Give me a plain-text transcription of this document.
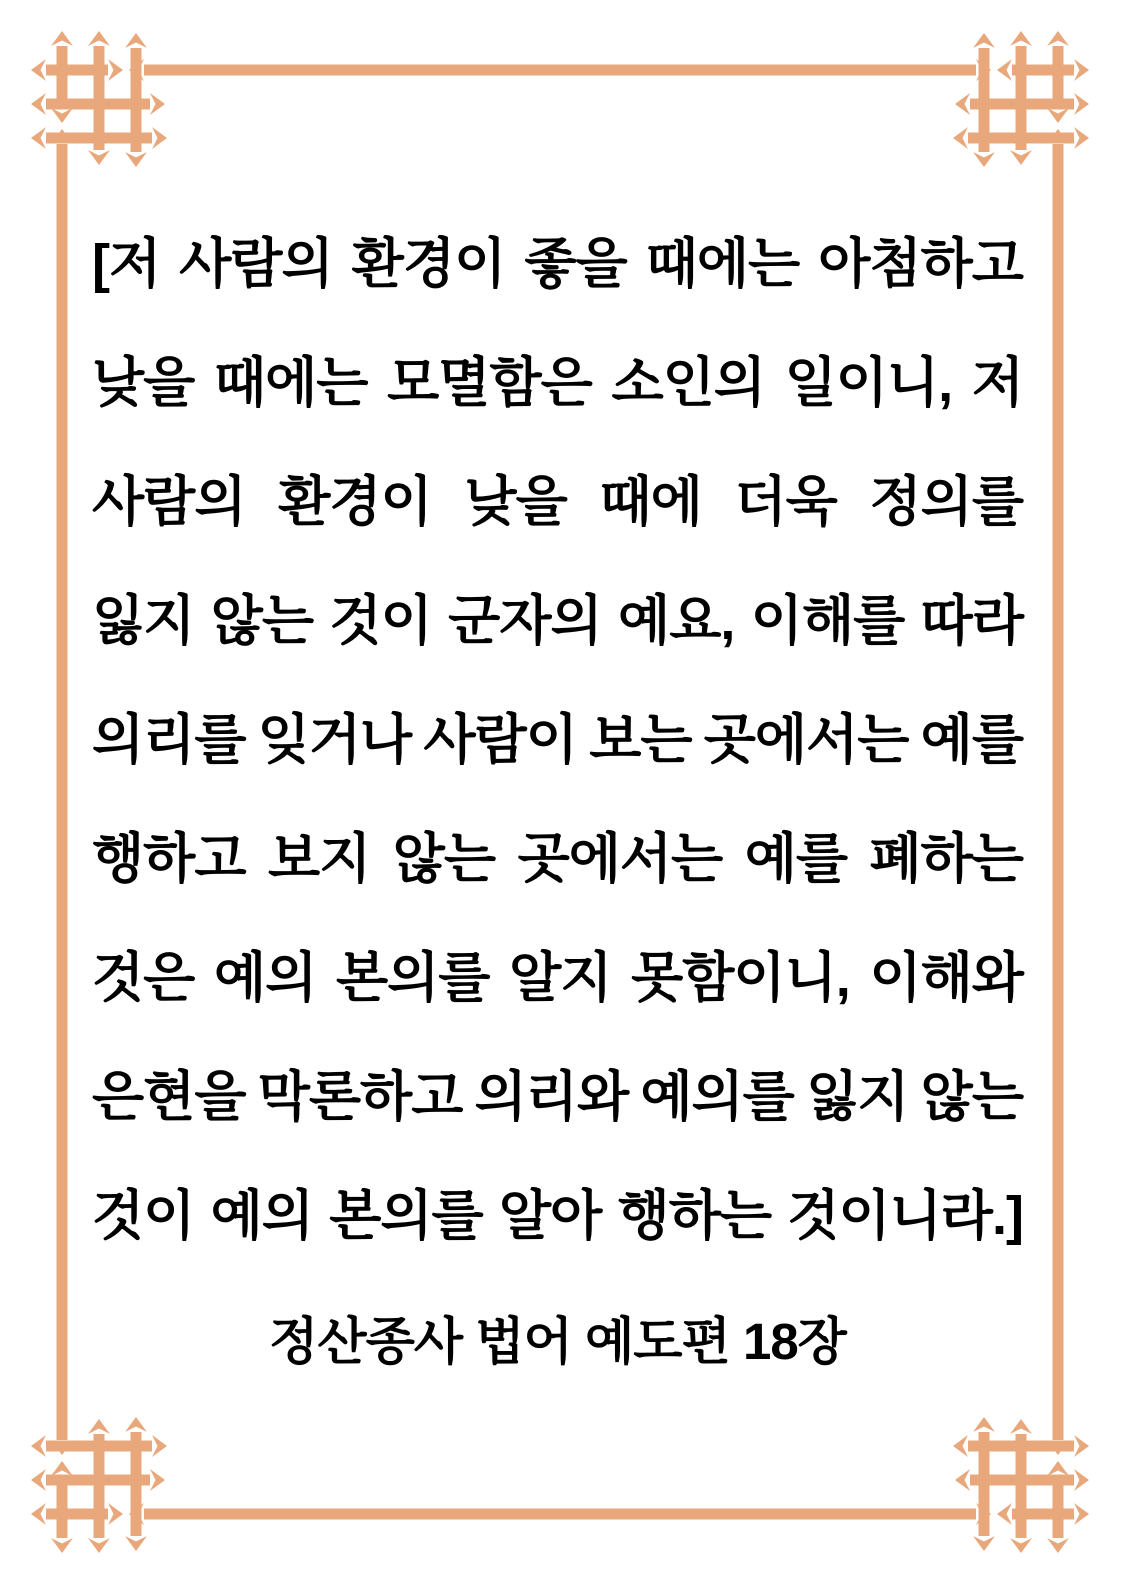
[저 사람의 환경이 좋을 때에는 아첨하고
낮을 때에는 모멸함은 소인의 일이니, 저
사람의 환경이 낮을 때에 더욱 정의를
잃지 않는 것이 군자의 예요, 이해를 따라
의리를 잊거나 사람이 보는 곳에서는 예를
행하고 보지 않는 곳에서는 예를 폐하는
것은 예의 본의를 알지 못함이니, 이해와
은현을 막론하고 의리와 예의를 잃지 않는
것이 예의 본의를 알아 행하는 것이니라.]
정산종사 법어 예도편 18장
